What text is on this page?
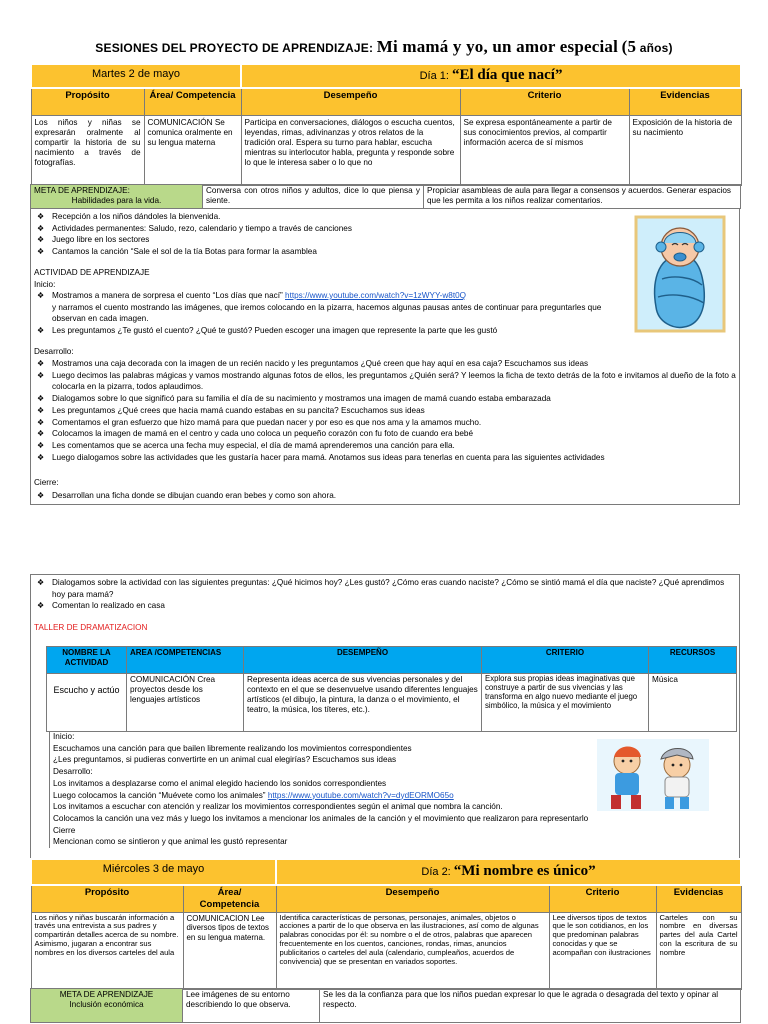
SESIONES DEL PROYECTO DE APRENDIZAJE: Mi mamá y yo, un amor especial (5 años)
Martes 2 de mayo		Día 1: “El día que nací”		
Propósito	Área/ Competencia	Desempeño	Criterio	Evidencias
Los niños y niñas se expresarán oralmente al compartir la historia de su nacimiento a través de fotografías.	COMUNICACIÓN Se comunica oralmente en su lengua materna	Participa en conversaciones, diálogos o escucha cuentos, leyendas, rimas, adivinanzas y otros relatos de la tradición oral. Espera su turno para hablar, escucha mientras su interlocutor habla, pregunta y responde sobre lo que le interesa saber o lo que no	Se expresa espontáneamente a partir de sus conocimientos previos, al compartir información acerca de sí mismos	Exposición de la historia de su nacimiento
META DE APRENDIZAJE:
Habilidades para la vida.
	Conversa con otros niños y adultos, dice lo que piensa y siente.	Propiciar asambleas de aula para llegar a consensos y acuerdos. Generar espacios que les permita a los niños realizar comentarios.
❖ Recepción a los niños dándoles la bienvenida.
❖ Actividades permanentes: Saludo, rezo, calendario y tiempo a través de canciones
❖ Juego libre en los sectores
❖ Cantamos la canción “Sale el sol de la tía Botas para formar la asamblea
ACTIVIDAD DE APRENDIZAJE
Inicio:
❖ Mostramos a manera de sorpresa el cuento “Los días que nací” https://www.youtube.com/watch?v=1zWYY-w8t0Q
y narramos el cuento mostrando las imágenes, que iremos colocando en la pizarra, hacemos algunas pausas antes de continuar para preguntarles que observan en cada imagen.
❖ Les preguntamos ¿Te gustó el cuento? ¿Qué te gustó? Pueden escoger una imagen que represente la parte que les gustó
Desarrollo:
❖ Mostramos una caja decorada con la imagen de un recién nacido y les preguntamos ¿Qué creen que hay aquí en esa caja? Escuchamos sus ideas
❖ Luego decimos las palabras mágicas y vamos mostrando algunas fotos de ellos, les preguntamos ¿Quién será? Y leemos la ficha de texto detrás de la foto e invitamos al dueño de la foto a colocarla en la pizarra, todos aplaudimos.
❖ Dialogamos sobre lo que significó para su familia el día de su nacimiento y mostramos una imagen de mamá cuando estaba embarazada
❖ Les preguntamos ¿Qué crees que hacia mamá cuando estabas en su pancita? Escuchamos sus ideas
❖ Comentamos el gran esfuerzo que hizo mamá para que puedan nacer y por eso es que nos ama y la amamos mucho.
❖ Colocamos la imagen de mamá en el centro y cada uno coloca un pequeño corazón con fu foto de cuando era bebé
❖ Les comentamos que se acerca una fecha muy especial, el día de mamá aprenderemos una canción para ella.
❖ Luego dialogamos sobre las actividades que les gustaría hacer para mamá. Anotamos sus ideas para tenerlas en cuenta para las siguientes actividades
Cierre:
❖ Desarrollan una ficha donde se dibujan cuando eran bebes y como son ahora.
❖ Dialogamos sobre la actividad con las siguientes preguntas: ¿Qué hicimos hoy? ¿Les gustó? ¿Cómo eras cuando naciste? ¿Cómo se sintió mamá el día que naciste? ¿Qué aprendimos hoy para mamá?
❖ Comentan lo realizado en casa
TALLER DE DRAMATIZACION
NOMBRE LA ACTIVIDAD	AREA /COMPETENCIAS	DESEMPEÑO	CRITERIO	RECURSOS
Escucho y actúo	COMUNICACIÓN Crea proyectos desde los lenguajes artísticos	Representa ideas acerca de sus vivencias personales y del contexto en el que se desenvuelve usando diferentes lenguajes artísticos (el dibujo, la pintura, la danza o el movimiento, el teatro, la música, los títeres, etc.).	Explora sus propias ideas imaginativas que construye a partir de sus vivencias y las transforma en algo nuevo mediante el juego simbólico, la música y el movimiento	Música
Inicio:
Escuchamos una canción para que bailen libremente realizando los movimientos correspondientes
¿Les preguntamos, si pudieras convertirte en un animal cual elegirías? Escuchamos sus ideas
Desarrollo:
Los invitamos a desplazarse como el animal elegido haciendo los sonidos correspondientes
Luego colocamos la canción “Muévete como los animales” https://www.youtube.com/watch?v=dydEORMO65o
Los invitamos a escuchar con atención y realizar los movimientos correspondientes según el animal que nombra la canción.
Colocamos la canción una vez más y luego los invitamos a mencionar los animales de la canción y el movimiento que realizaron para representarlo
Cierre
Mencionan como se sintieron y que animal les gustó representar
Miércoles 3 de mayo		Día 2: “Mi nombre es único”		
Propósito	Área/ Competencia	Desempeño	Criterio	Evidencias
Los niños y niñas buscarán información a través una entrevista a sus padres y compartirán detalles acerca de su nombre. Asimismo, jugaran a encontrar sus nombres en los diversos carteles del aula	COMUNICACION Lee diversos tipos de textos en su lengua materna.	Identifica características de personas, personajes, animales, objetos o acciones a partir de lo que observa en las ilustraciones, así como de algunas palabras conocidas por él: su nombre o el de otros, palabras que aparecen frecuentemente en los cuentos, canciones, rondas, rimas, anuncios publicitarios o carteles del aula (calendario, cumpleaños, acuerdos de convivencia) que se presentan en variados soportes.	Lee diversos tipos de textos que le son cotidianos, en los que predominan palabras conocidas y que se acompañan con ilustraciones	Carteles con su nombre en diversas partes del aula Cartel con la escritura de su nombre
META DE APRENDIZAJE
Inclusión económica
	Lee imágenes de su entorno describiendo lo que observa.	Se les da la confianza para que los niños puedan expresar lo que le agrada o desagrada del texto y opinar al respecto.
